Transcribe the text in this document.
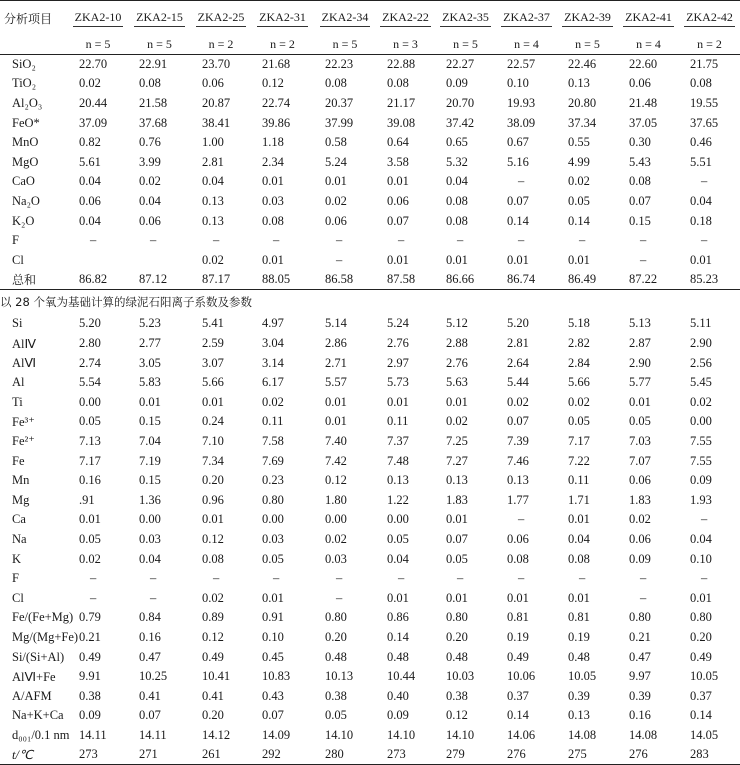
分析项目	ZKA2-10	ZKA2-15	ZKA2-25	ZKA2-31	ZKA2-34	ZKA2-22	ZKA2-35	ZKA2-37	ZKA2-39	ZKA2-41	ZKA2-42
	n = 5	n = 5	n = 2	n = 2	n = 5	n = 3	n = 5	n = 4	n = 5	n = 4	n = 2
SiO₂	22.70	22.91	23.70	21.68	22.23	22.88	22.27	22.57	22.46	22.60	21.75
TiO₂	0.02	0.08	0.06	0.12	0.08	0.08	0.09	0.10	0.13	0.06	0.08
Al₂O₃	20.44	21.58	20.87	22.74	20.37	21.17	20.70	19.93	20.80	21.48	19.55
FeO*	37.09	37.68	38.41	39.86	37.99	39.08	37.42	38.09	37.34	37.05	37.65
MnO	0.82	0.76	1.00	1.18	0.58	0.64	0.65	0.67	0.55	0.30	0.46
MgO	5.61	3.99	2.81	2.34	5.24	3.58	5.32	5.16	4.99	5.43	5.51
CaO	0.04	0.02	0.04	0.01	0.01	0.01	0.04	–	0.02	0.08	–
Na₂O	0.06	0.04	0.13	0.03	0.02	0.06	0.08	0.07	0.05	0.07	0.04
K₂O	0.04	0.06	0.13	0.08	0.06	0.07	0.08	0.14	0.14	0.15	0.18
F	–	–	–	–	–	–	–	–	–	–	–
Cl			0.02	0.01	–	0.01	0.01	0.01	0.01	–	0.01
总和	86.82	87.12	87.17	88.05	86.58	87.58	86.66	86.74	86.49	87.22	85.23
以 28 个氧为基础计算的绿泥石阳离子系数及参数											
Si	5.20	5.23	5.41	4.97	5.14	5.24	5.12	5.20	5.18	5.13	5.11
AlⅣ	2.80	2.77	2.59	3.04	2.86	2.76	2.88	2.81	2.82	2.87	2.90
AlⅥ	2.74	3.05	3.07	3.14	2.71	2.97	2.76	2.64	2.84	2.90	2.56
Al	5.54	5.83	5.66	6.17	5.57	5.73	5.63	5.44	5.66	5.77	5.45
Ti	0.00	0.01	0.01	0.02	0.01	0.01	0.01	0.02	0.02	0.01	0.02
Fe³⁺	0.05	0.15	0.24	0.11	0.01	0.11	0.02	0.07	0.05	0.05	0.00
Fe²⁺	7.13	7.04	7.10	7.58	7.40	7.37	7.25	7.39	7.17	7.03	7.55
Fe	7.17	7.19	7.34	7.69	7.42	7.48	7.27	7.46	7.22	7.07	7.55
Mn	0.16	0.15	0.20	0.23	0.12	0.13	0.13	0.13	0.11	0.06	0.09
Mg	.91	1.36	0.96	0.80	1.80	1.22	1.83	1.77	1.71	1.83	1.93
Ca	0.01	0.00	0.01	0.00	0.00	0.00	0.01	–	0.01	0.02	–
Na	0.05	0.03	0.12	0.03	0.02	0.05	0.07	0.06	0.04	0.06	0.04
K	0.02	0.04	0.08	0.05	0.03	0.04	0.05	0.08	0.08	0.09	0.10
F	–	–	–	–	–	–	–	–	–	–	–
Cl	–	–	0.02	0.01	–	0.01	0.01	0.01	0.01	–	0.01
Fe/(Fe+Mg)	0.79	0.84	0.89	0.91	0.80	0.86	0.80	0.81	0.81	0.80	0.80
Mg/(Mg+Fe)	0.21	0.16	0.12	0.10	0.20	0.14	0.20	0.19	0.19	0.21	0.20
Si/(Si+Al)	0.49	0.47	0.49	0.45	0.48	0.48	0.48	0.49	0.48	0.47	0.49
AlⅥ+Fe	9.91	10.25	10.41	10.83	10.13	10.44	10.03	10.06	10.05	9.97	10.05
A/AFM	0.38	0.41	0.41	0.43	0.38	0.40	0.38	0.37	0.39	0.39	0.37
Na+K+Ca	0.09	0.07	0.20	0.07	0.05	0.09	0.12	0.14	0.13	0.16	0.14
d₀₀₁/0.1 nm	14.11	14.11	14.12	14.09	14.10	14.10	14.10	14.06	14.08	14.08	14.05
t/℃	273	271	261	292	280	273	279	276	275	276	283
